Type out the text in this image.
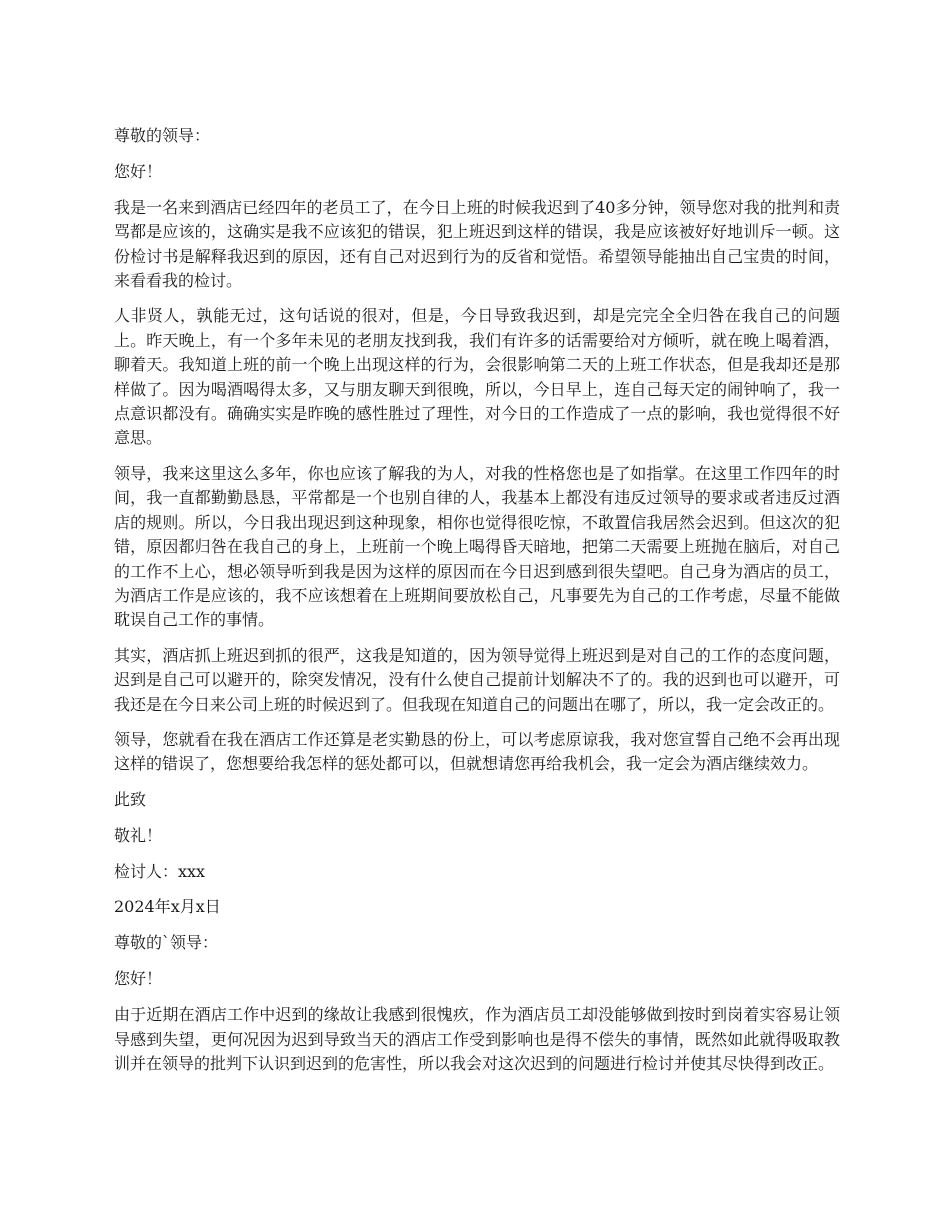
尊敬的领导：

您好！

我是一名来到酒店已经四年的老员工了，在今日上班的时候我迟到了40多分钟，领导您对我的批判和责骂都是应该的，这确实是我不应该犯的错误，犯上班迟到这样的错误，我是应该被好好地训斥一顿。这份检讨书是解释我迟到的原因，还有自己对迟到行为的反省和觉悟。希望领导能抽出自己宝贵的时间，来看看我的检讨。

人非贤人，孰能无过，这句话说的很对，但是，今日导致我迟到，却是完完全全归咎在我自己的问题上。昨天晚上，有一个多年未见的老朋友找到我，我们有许多的话需要给对方倾听，就在晚上喝着酒，聊着天。我知道上班的前一个晚上出现这样的行为，会很影响第二天的上班工作状态，但是我却还是那样做了。因为喝酒喝得太多，又与朋友聊天到很晚，所以，今日早上，连自己每天定的闹钟响了，我一点意识都没有。确确实实是昨晚的感性胜过了理性，对今日的工作造成了一点的影响，我也觉得很不好意思。

领导，我来这里这么多年，你也应该了解我的为人，对我的性格您也是了如指掌。在这里工作四年的时间，我一直都勤勤恳恳，平常都是一个也别自律的人，我基本上都没有违反过领导的要求或者违反过酒店的规则。所以，今日我出现迟到这种现象，相你也觉得很吃惊，不敢置信我居然会迟到。但这次的犯错，原因都归咎在我自己的身上，上班前一个晚上喝得昏天暗地，把第二天需要上班抛在脑后，对自己的工作不上心，想必领导听到我是因为这样的原因而在今日迟到感到很失望吧。自己身为酒店的员工，为酒店工作是应该的，我不应该想着在上班期间要放松自己，凡事要先为自己的工作考虑，尽量不能做耽误自己工作的事情。

其实，酒店抓上班迟到抓的很严，这我是知道的，因为领导觉得上班迟到是对自己的工作的态度问题，迟到是自己可以避开的，除突发情况，没有什么使自己提前计划解决不了的。我的迟到也可以避开，可我还是在今日来公司上班的时候迟到了。但我现在知道自己的问题出在哪了，所以，我一定会改正的。

领导，您就看在我在酒店工作还算是老实勤恳的份上，可以考虑原谅我，我对您宣誓自己绝不会再出现这样的错误了，您想要给我怎样的惩处都可以，但就想请您再给我机会，我一定会为酒店继续效力。

此致

敬礼！

检讨人：xxx

2024年x月x日

尊敬的`领导：

您好！

由于近期在酒店工作中迟到的缘故让我感到很愧疚，作为酒店员工却没能够做到按时到岗着实容易让领导感到失望，更何况因为迟到导致当天的酒店工作受到影响也是得不偿失的事情，既然如此就得吸取教训并在领导的批判下认识到迟到的危害性，所以我会对这次迟到的问题进行检讨并使其尽快得到改正。
